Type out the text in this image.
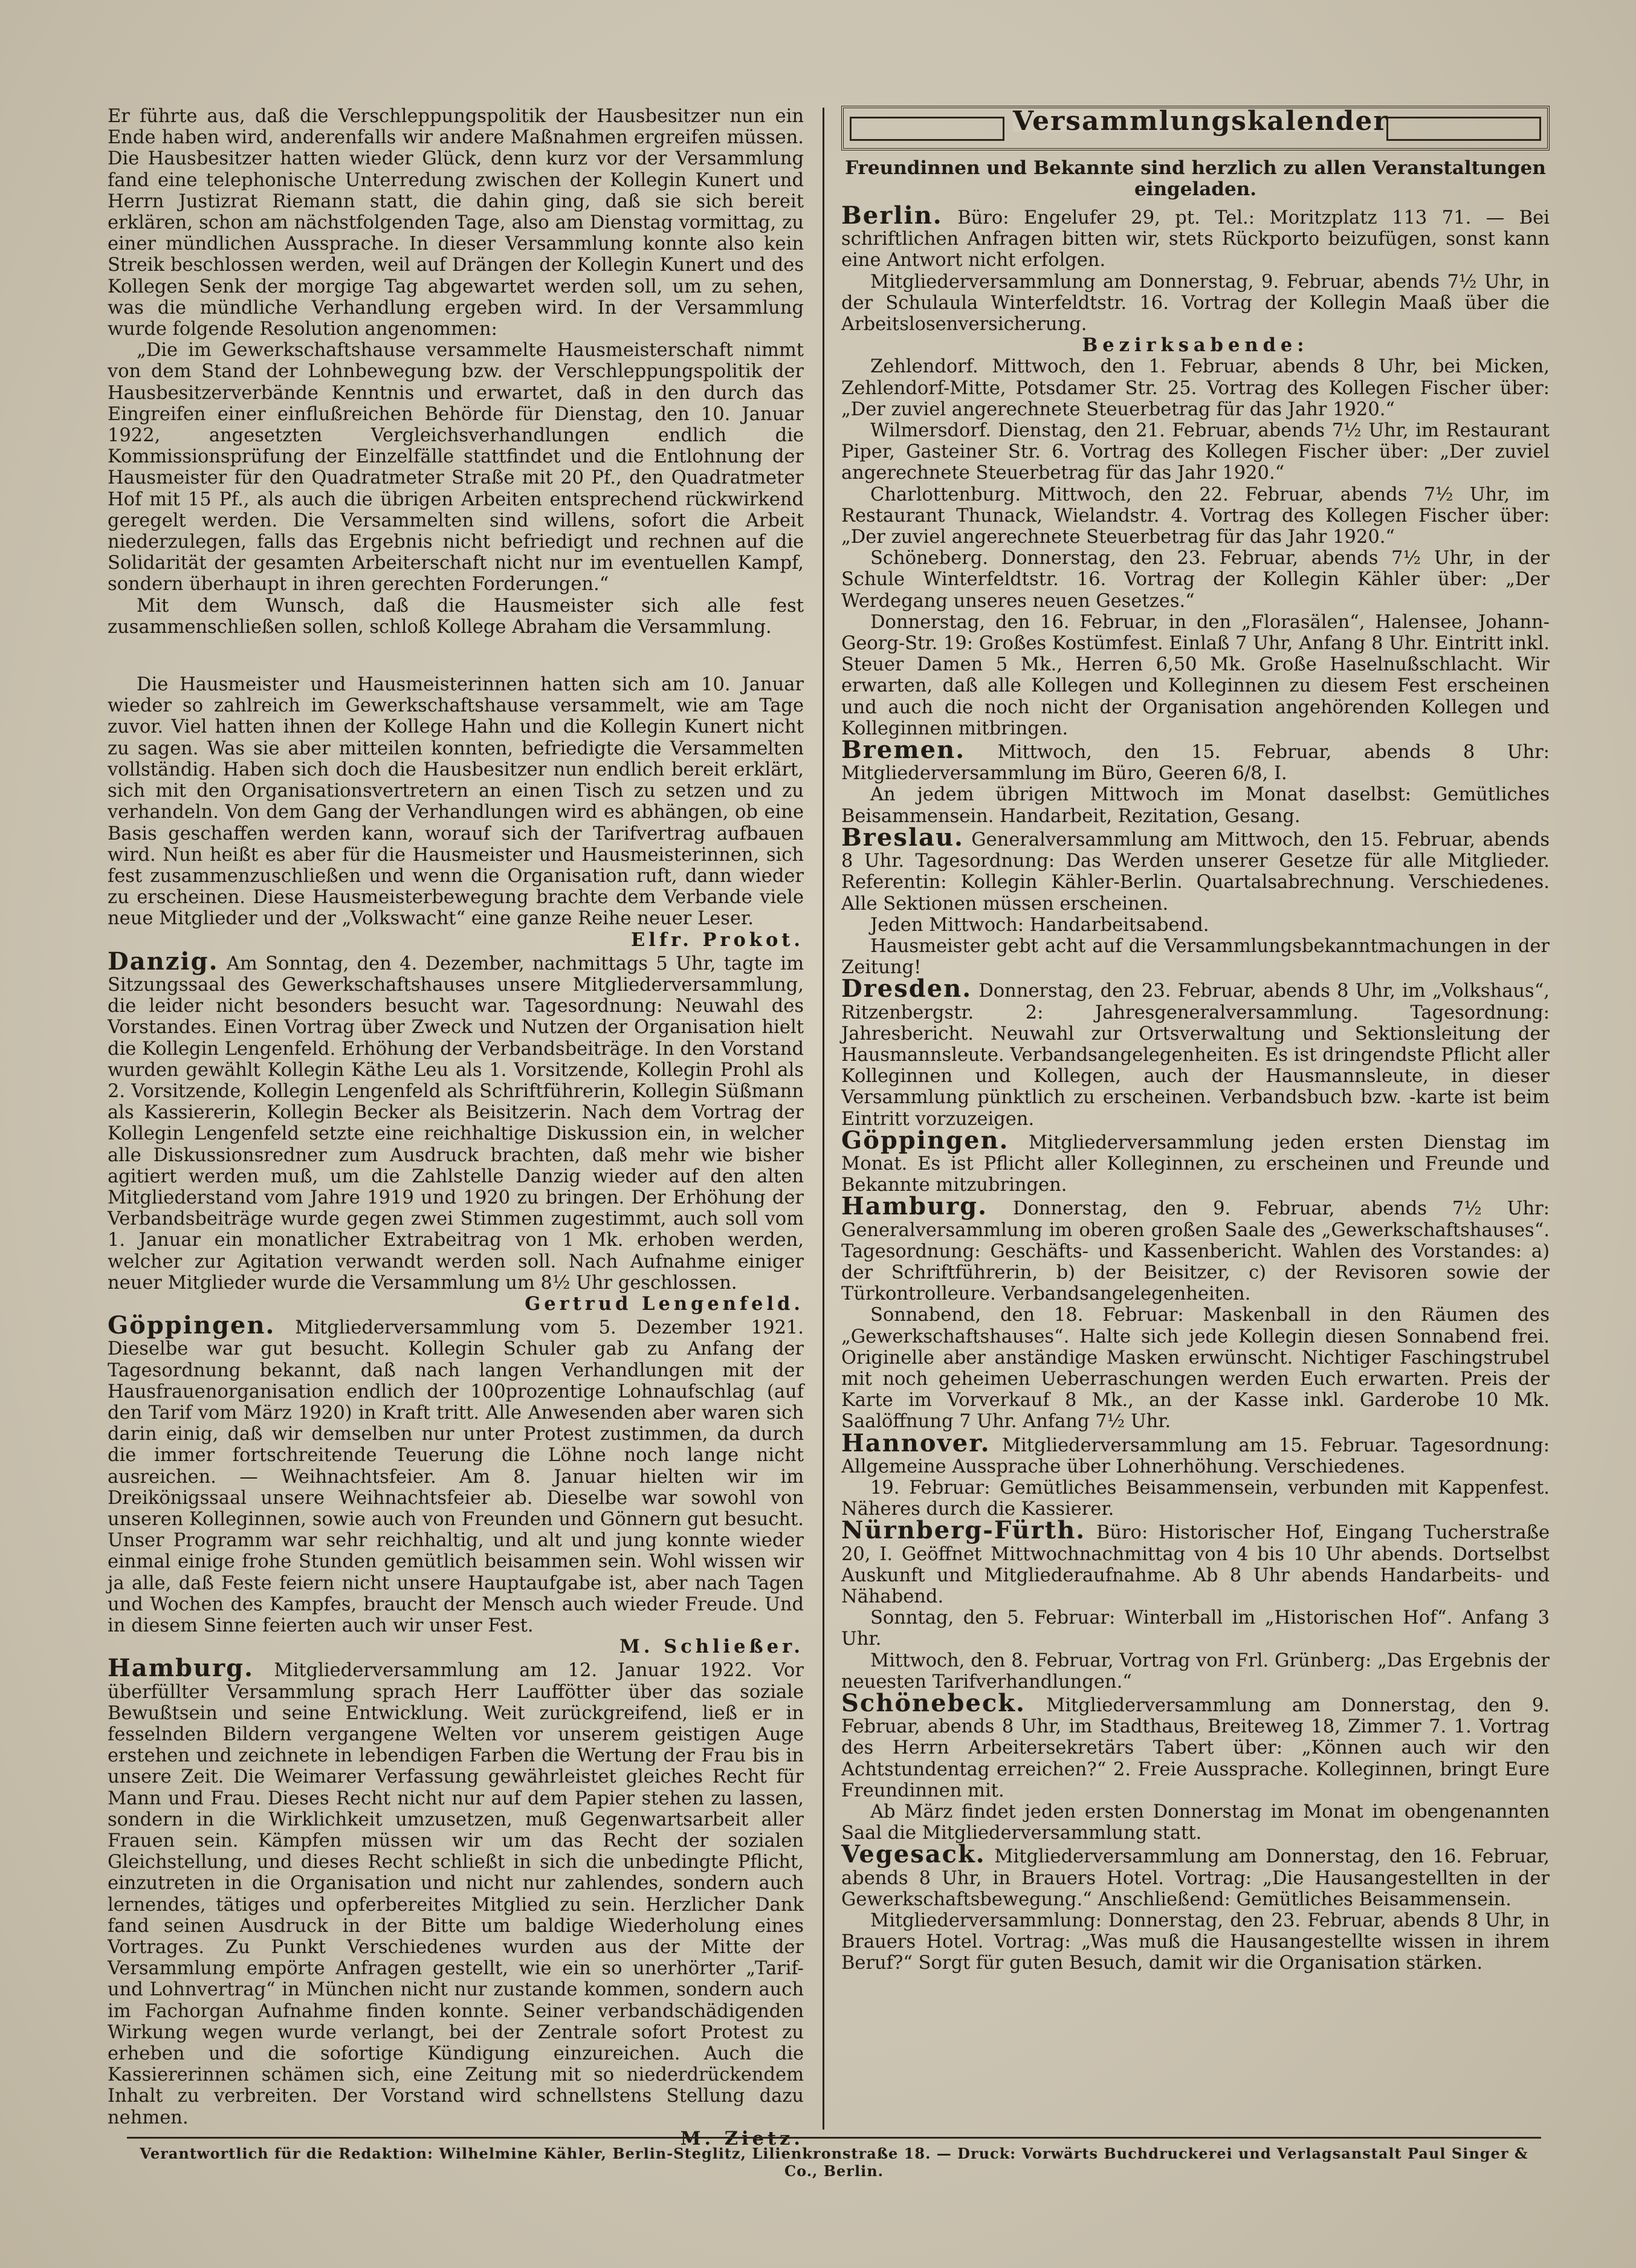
Er führte aus, daß die Verschleppungspolitik der Hausbesitzer nun ein Ende haben wird, anderenfalls wir andere Maßnahmen ergreifen müssen. Die Hausbesitzer hatten wieder Glück, denn kurz vor der Versammlung fand eine telephonische Unterredung zwischen der Kollegin Kunert und Herrn Justizrat Riemann statt, die dahin ging, daß sie sich bereit erklären, schon am nächstfolgenden Tage, also am Dienstag vormittag, zu einer mündlichen Aussprache. In dieser Versammlung konnte also kein Streik beschlossen werden, weil auf Drängen der Kollegin Kunert und des Kollegen Senk der morgige Tag abgewartet werden soll, um zu sehen, was die mündliche Verhandlung ergeben wird. In der Versammlung wurde folgende Resolution angenommen:

„Die im Gewerkschaftshause versammelte Hausmeisterschaft nimmt von dem Stand der Lohnbewegung bzw. der Verschleppungspolitik der Hausbesitzerverbände Kenntnis und erwartet, daß in den durch das Eingreifen einer einflußreichen Behörde für Dienstag, den 10. Januar 1922, angesetzten Vergleichsverhandlungen endlich die Kommissionsprüfung der Einzelfälle stattfindet und die Entlohnung der Hausmeister für den Quadratmeter Straße mit 20 Pf., den Quadratmeter Hof mit 15 Pf., als auch die übrigen Arbeiten entsprechend rückwirkend geregelt werden. Die Versammelten sind willens, sofort die Arbeit niederzulegen, falls das Ergebnis nicht befriedigt und rechnen auf die Solidarität der gesamten Arbeiterschaft nicht nur im eventuellen Kampf, sondern überhaupt in ihren gerechten Forderungen.“

Mit dem Wunsch, daß die Hausmeister sich alle fest zusammenschließen sollen, schloß Kollege Abraham die Versammlung.

Die Hausmeister und Hausmeisterinnen hatten sich am 10. Januar wieder so zahlreich im Gewerkschaftshause versammelt, wie am Tage zuvor. Viel hatten ihnen der Kollege Hahn und die Kollegin Kunert nicht zu sagen. Was sie aber mitteilen konnten, befriedigte die Versammelten vollständig. Haben sich doch die Hausbesitzer nun endlich bereit erklärt, sich mit den Organisationsvertretern an einen Tisch zu setzen und zu verhandeln. Von dem Gang der Verhandlungen wird es abhängen, ob eine Basis geschaffen werden kann, worauf sich der Tarifvertrag aufbauen wird. Nun heißt es aber für die Hausmeister und Hausmeisterinnen, sich fest zusammenzuschließen und wenn die Organisation ruft, dann wieder zu erscheinen. Diese Hausmeisterbewegung brachte dem Verbande viele neue Mitglieder und der „Volkswacht“ eine ganze Reihe neuer Leser.

Elfr. Prokot.

Danzig. Am Sonntag, den 4. Dezember, nachmittags 5 Uhr, tagte im Sitzungssaal des Gewerkschaftshauses unsere Mitgliederversammlung, die leider nicht besonders besucht war. Tagesordnung: Neuwahl des Vorstandes. Einen Vortrag über Zweck und Nutzen der Organisation hielt die Kollegin Lengenfeld. Erhöhung der Verbandsbeiträge. In den Vorstand wurden gewählt Kollegin Käthe Leu als 1. Vorsitzende, Kollegin Prohl als 2. Vorsitzende, Kollegin Lengenfeld als Schriftführerin, Kollegin Süßmann als Kassiererin, Kollegin Becker als Beisitzerin. Nach dem Vortrag der Kollegin Lengenfeld setzte eine reichhaltige Diskussion ein, in welcher alle Diskussionsredner zum Ausdruck brachten, daß mehr wie bisher agitiert werden muß, um die Zahlstelle Danzig wieder auf den alten Mitgliederstand vom Jahre 1919 und 1920 zu bringen. Der Erhöhung der Verbandsbeiträge wurde gegen zwei Stimmen zugestimmt, auch soll vom 1. Januar ein monatlicher Extrabeitrag von 1 Mk. erhoben werden, welcher zur Agitation verwandt werden soll. Nach Aufnahme einiger neuer Mitglieder wurde die Versammlung um 8½ Uhr geschlossen.

Gertrud Lengenfeld.

Göppingen. Mitgliederversammlung vom 5. Dezember 1921. Dieselbe war gut besucht. Kollegin Schuler gab zu Anfang der Tagesordnung bekannt, daß nach langen Verhandlungen mit der Hausfrauenorganisation endlich der 100prozentige Lohnaufschlag (auf den Tarif vom März 1920) in Kraft tritt. Alle Anwesenden aber waren sich darin einig, daß wir demselben nur unter Protest zustimmen, da durch die immer fortschreitende Teuerung die Löhne noch lange nicht ausreichen. — Weihnachtsfeier. Am 8. Januar hielten wir im Dreikönigssaal unsere Weihnachtsfeier ab. Dieselbe war sowohl von unseren Kolleginnen, sowie auch von Freunden und Gönnern gut besucht. Unser Programm war sehr reichhaltig, und alt und jung konnte wieder einmal einige frohe Stunden gemütlich beisammen sein. Wohl wissen wir ja alle, daß Feste feiern nicht unsere Hauptaufgabe ist, aber nach Tagen und Wochen des Kampfes, braucht der Mensch auch wieder Freude. Und in diesem Sinne feierten auch wir unser Fest.

M. Schließer.

Hamburg. Mitgliederversammlung am 12. Januar 1922. Vor überfüllter Versammlung sprach Herr Lauffötter über das soziale Bewußtsein und seine Entwicklung. Weit zurückgreifend, ließ er in fesselnden Bildern vergangene Welten vor unserem geistigen Auge erstehen und zeichnete in lebendigen Farben die Wertung der Frau bis in unsere Zeit. Die Weimarer Verfassung gewährleistet gleiches Recht für Mann und Frau. Dieses Recht nicht nur auf dem Papier stehen zu lassen, sondern in die Wirklichkeit umzusetzen, muß Gegenwartsarbeit aller Frauen sein. Kämpfen müssen wir um das Recht der sozialen Gleichstellung, und dieses Recht schließt in sich die unbedingte Pflicht, einzutreten in die Organisation und nicht nur zahlendes, sondern auch lernendes, tätiges und opferbereites Mitglied zu sein. Herzlicher Dank fand seinen Ausdruck in der Bitte um baldige Wiederholung eines Vortrages. Zu Punkt Verschiedenes wurden aus der Mitte der Versammlung empörte Anfragen gestellt, wie ein so unerhörter „Tarif- und Lohnvertrag“ in München nicht nur zustande kommen, sondern auch im Fachorgan Aufnahme finden konnte. Seiner verbandschädigenden Wirkung wegen wurde verlangt, bei der Zentrale sofort Protest zu erheben und die sofortige Kündigung einzureichen. Auch die Kassiererinnen schämen sich, eine Zeitung mit so niederdrückendem Inhalt zu verbreiten. Der Vorstand wird schnellstens Stellung dazu nehmen.

M. Zietz.

Versammlungskalender

Freundinnen und Bekannte sind herzlich zu allen Veranstaltungen eingeladen.

Berlin. Büro: Engelufer 29, pt. Tel.: Moritzplatz 113 71. — Bei schriftlichen Anfragen bitten wir, stets Rückporto beizufügen, sonst kann eine Antwort nicht erfolgen.

Mitgliederversammlung am Donnerstag, 9. Februar, abends 7½ Uhr, in der Schulaula Winterfeldtstr. 16. Vortrag der Kollegin Maaß über die Arbeitslosenversicherung.

Bezirksabende:

Zehlendorf. Mittwoch, den 1. Februar, abends 8 Uhr, bei Micken, Zehlendorf-Mitte, Potsdamer Str. 25. Vortrag des Kollegen Fischer über: „Der zuviel angerechnete Steuerbetrag für das Jahr 1920.“

Wilmersdorf. Dienstag, den 21. Februar, abends 7½ Uhr, im Restaurant Piper, Gasteiner Str. 6. Vortrag des Kollegen Fischer über: „Der zuviel angerechnete Steuerbetrag für das Jahr 1920.“

Charlottenburg. Mittwoch, den 22. Februar, abends 7½ Uhr, im Restaurant Thunack, Wielandstr. 4. Vortrag des Kollegen Fischer über: „Der zuviel angerechnete Steuerbetrag für das Jahr 1920.“

Schöneberg. Donnerstag, den 23. Februar, abends 7½ Uhr, in der Schule Winterfeldtstr. 16. Vortrag der Kollegin Kähler über: „Der Werdegang unseres neuen Gesetzes.“

Donnerstag, den 16. Februar, in den „Florasälen“, Halensee, Johann-Georg-Str. 19: Großes Kostümfest. Einlaß 7 Uhr, Anfang 8 Uhr. Eintritt inkl. Steuer Damen 5 Mk., Herren 6,50 Mk. Große Haselnußschlacht. Wir erwarten, daß alle Kollegen und Kolleginnen zu diesem Fest erscheinen und auch die noch nicht der Organisation angehörenden Kollegen und Kolleginnen mitbringen.

Bremen. Mittwoch, den 15. Februar, abends 8 Uhr: Mitgliederversammlung im Büro, Geeren 6/8, I.

An jedem übrigen Mittwoch im Monat daselbst: Gemütliches Beisammensein. Handarbeit, Rezitation, Gesang.

Breslau. Generalversammlung am Mittwoch, den 15. Februar, abends 8 Uhr. Tagesordnung: Das Werden unserer Gesetze für alle Mitglieder. Referentin: Kollegin Kähler-Berlin. Quartalsabrechnung. Verschiedenes. Alle Sektionen müssen erscheinen.

Jeden Mittwoch: Handarbeitsabend.

Hausmeister gebt acht auf die Versammlungsbekanntmachungen in der Zeitung!

Dresden. Donnerstag, den 23. Februar, abends 8 Uhr, im „Volkshaus“, Ritzenbergstr. 2: Jahresgeneralversammlung. Tagesordnung: Jahresbericht. Neuwahl zur Ortsverwaltung und Sektionsleitung der Hausmannsleute. Verbandsangelegenheiten. Es ist dringendste Pflicht aller Kolleginnen und Kollegen, auch der Hausmannsleute, in dieser Versammlung pünktlich zu erscheinen. Verbandsbuch bzw. -karte ist beim Eintritt vorzuzeigen.

Göppingen. Mitgliederversammlung jeden ersten Dienstag im Monat. Es ist Pflicht aller Kolleginnen, zu erscheinen und Freunde und Bekannte mitzubringen.

Hamburg. Donnerstag, den 9. Februar, abends 7½ Uhr: Generalversammlung im oberen großen Saale des „Gewerkschaftshauses“. Tagesordnung: Geschäfts- und Kassenbericht. Wahlen des Vorstandes: a) der Schriftführerin, b) der Beisitzer, c) der Revisoren sowie der Türkontrolleure. Verbandsangelegenheiten.

Sonnabend, den 18. Februar: Maskenball in den Räumen des „Gewerkschaftshauses“. Halte sich jede Kollegin diesen Sonnabend frei. Originelle aber anständige Masken erwünscht. Nichtiger Faschingstrubel mit noch geheimen Ueberraschungen werden Euch erwarten. Preis der Karte im Vorverkauf 8 Mk., an der Kasse inkl. Garderobe 10 Mk. Saalöffnung 7 Uhr. Anfang 7½ Uhr.

Hannover. Mitgliederversammlung am 15. Februar. Tagesordnung: Allgemeine Aussprache über Lohnerhöhung. Verschiedenes.

19. Februar: Gemütliches Beisammensein, verbunden mit Kappenfest. Näheres durch die Kassierer.

Nürnberg-Fürth. Büro: Historischer Hof, Eingang Tucherstraße 20, I. Geöffnet Mittwochnachmittag von 4 bis 10 Uhr abends. Dortselbst Auskunft und Mitgliederaufnahme. Ab 8 Uhr abends Handarbeits- und Nähabend.

Sonntag, den 5. Februar: Winterball im „Historischen Hof“. Anfang 3 Uhr.

Mittwoch, den 8. Februar, Vortrag von Frl. Grünberg: „Das Ergebnis der neuesten Tarifverhandlungen.“

Schönebeck. Mitgliederversammlung am Donnerstag, den 9. Februar, abends 8 Uhr, im Stadthaus, Breiteweg 18, Zimmer 7. 1. Vortrag des Herrn Arbeitersekretärs Tabert über: „Können auch wir den Achtstundentag erreichen?“ 2. Freie Aussprache. Kolleginnen, bringt Eure Freundinnen mit.

Ab März findet jeden ersten Donnerstag im Monat im obengenannten Saal die Mitgliederversammlung statt.

Vegesack. Mitgliederversammlung am Donnerstag, den 16. Februar, abends 8 Uhr, in Brauers Hotel. Vortrag: „Die Hausangestellten in der Gewerkschaftsbewegung.“ Anschließend: Gemütliches Beisammensein.

Mitgliederversammlung: Donnerstag, den 23. Februar, abends 8 Uhr, in Brauers Hotel. Vortrag: „Was muß die Hausangestellte wissen in ihrem Beruf?“ Sorgt für guten Besuch, damit wir die Organisation stärken.

Verantwortlich für die Redaktion: Wilhelmine Kähler, Berlin-Steglitz, Lilienkronstraße 18. — Druck: Vorwärts Buchdruckerei und Verlagsanstalt Paul Singer & Co., Berlin.
